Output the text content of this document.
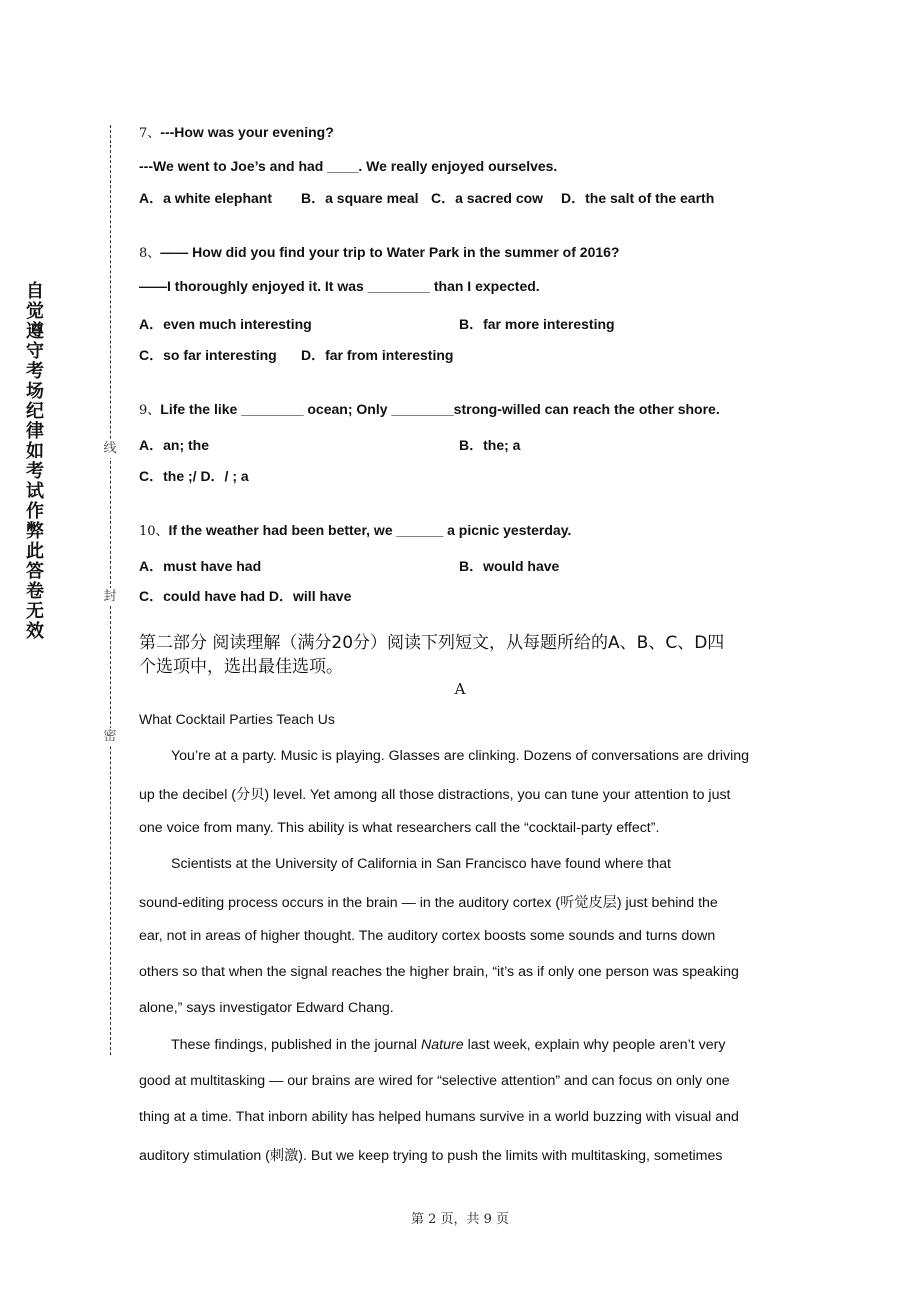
自觉遵守考场纪律如考试作弊此答卷无效
线
封
密
7、---How was your evening?
---We went to Joe’s and had ____. We really enjoyed ourselves.
A．a white elephant B．a square meal C．a sacred cow D．the salt of the earth
8、—— How did you find your trip to Water Park in the summer of 2016?
——I thoroughly enjoyed it. It was ________ than I expected.
A．even much interesting	B．far more interesting
C．so far interesting D．far from interesting
9、Life the like ________ ocean; Only ________strong-willed can reach the other shore.
A．an; the	B．the; a
C．the ;/ D．/ ; a
10、If the weather had been better, we ______ a picnic yesterday.
A．must have had	B．would have
C．could have had D．will have
第二部分 阅读理解（满分20分）阅读下列短文，从每题所给的A、B、C、D四
个选项中，选出最佳选项。
A
What Cocktail Parties Teach Us
You’re at a party. Music is playing. Glasses are clinking. Dozens of conversations are driving
up the decibel (分贝) level. Yet among all those distractions, you can tune your attention to just
one voice from many. This ability is what researchers call the “cocktail-party effect”.
Scientists at the University of California in San Francisco have found where that
sound-editing process occurs in the brain — in the auditory cortex (听觉皮层) just behind the
ear, not in areas of higher thought. The auditory cortex boosts some sounds and turns down
others so that when the signal reaches the higher brain, “it’s as if only one person was speaking
alone,” says investigator Edward Chang.
These findings, published in the journal Nature last week, explain why people aren’t very
good at multitasking — our brains are wired for “selective attention” and can focus on only one
thing at a time. That inborn ability has helped humans survive in a world buzzing with visual and
auditory stimulation (刺激). But we keep trying to push the limits with multitasking, sometimes
第 2 页，共 9 页
